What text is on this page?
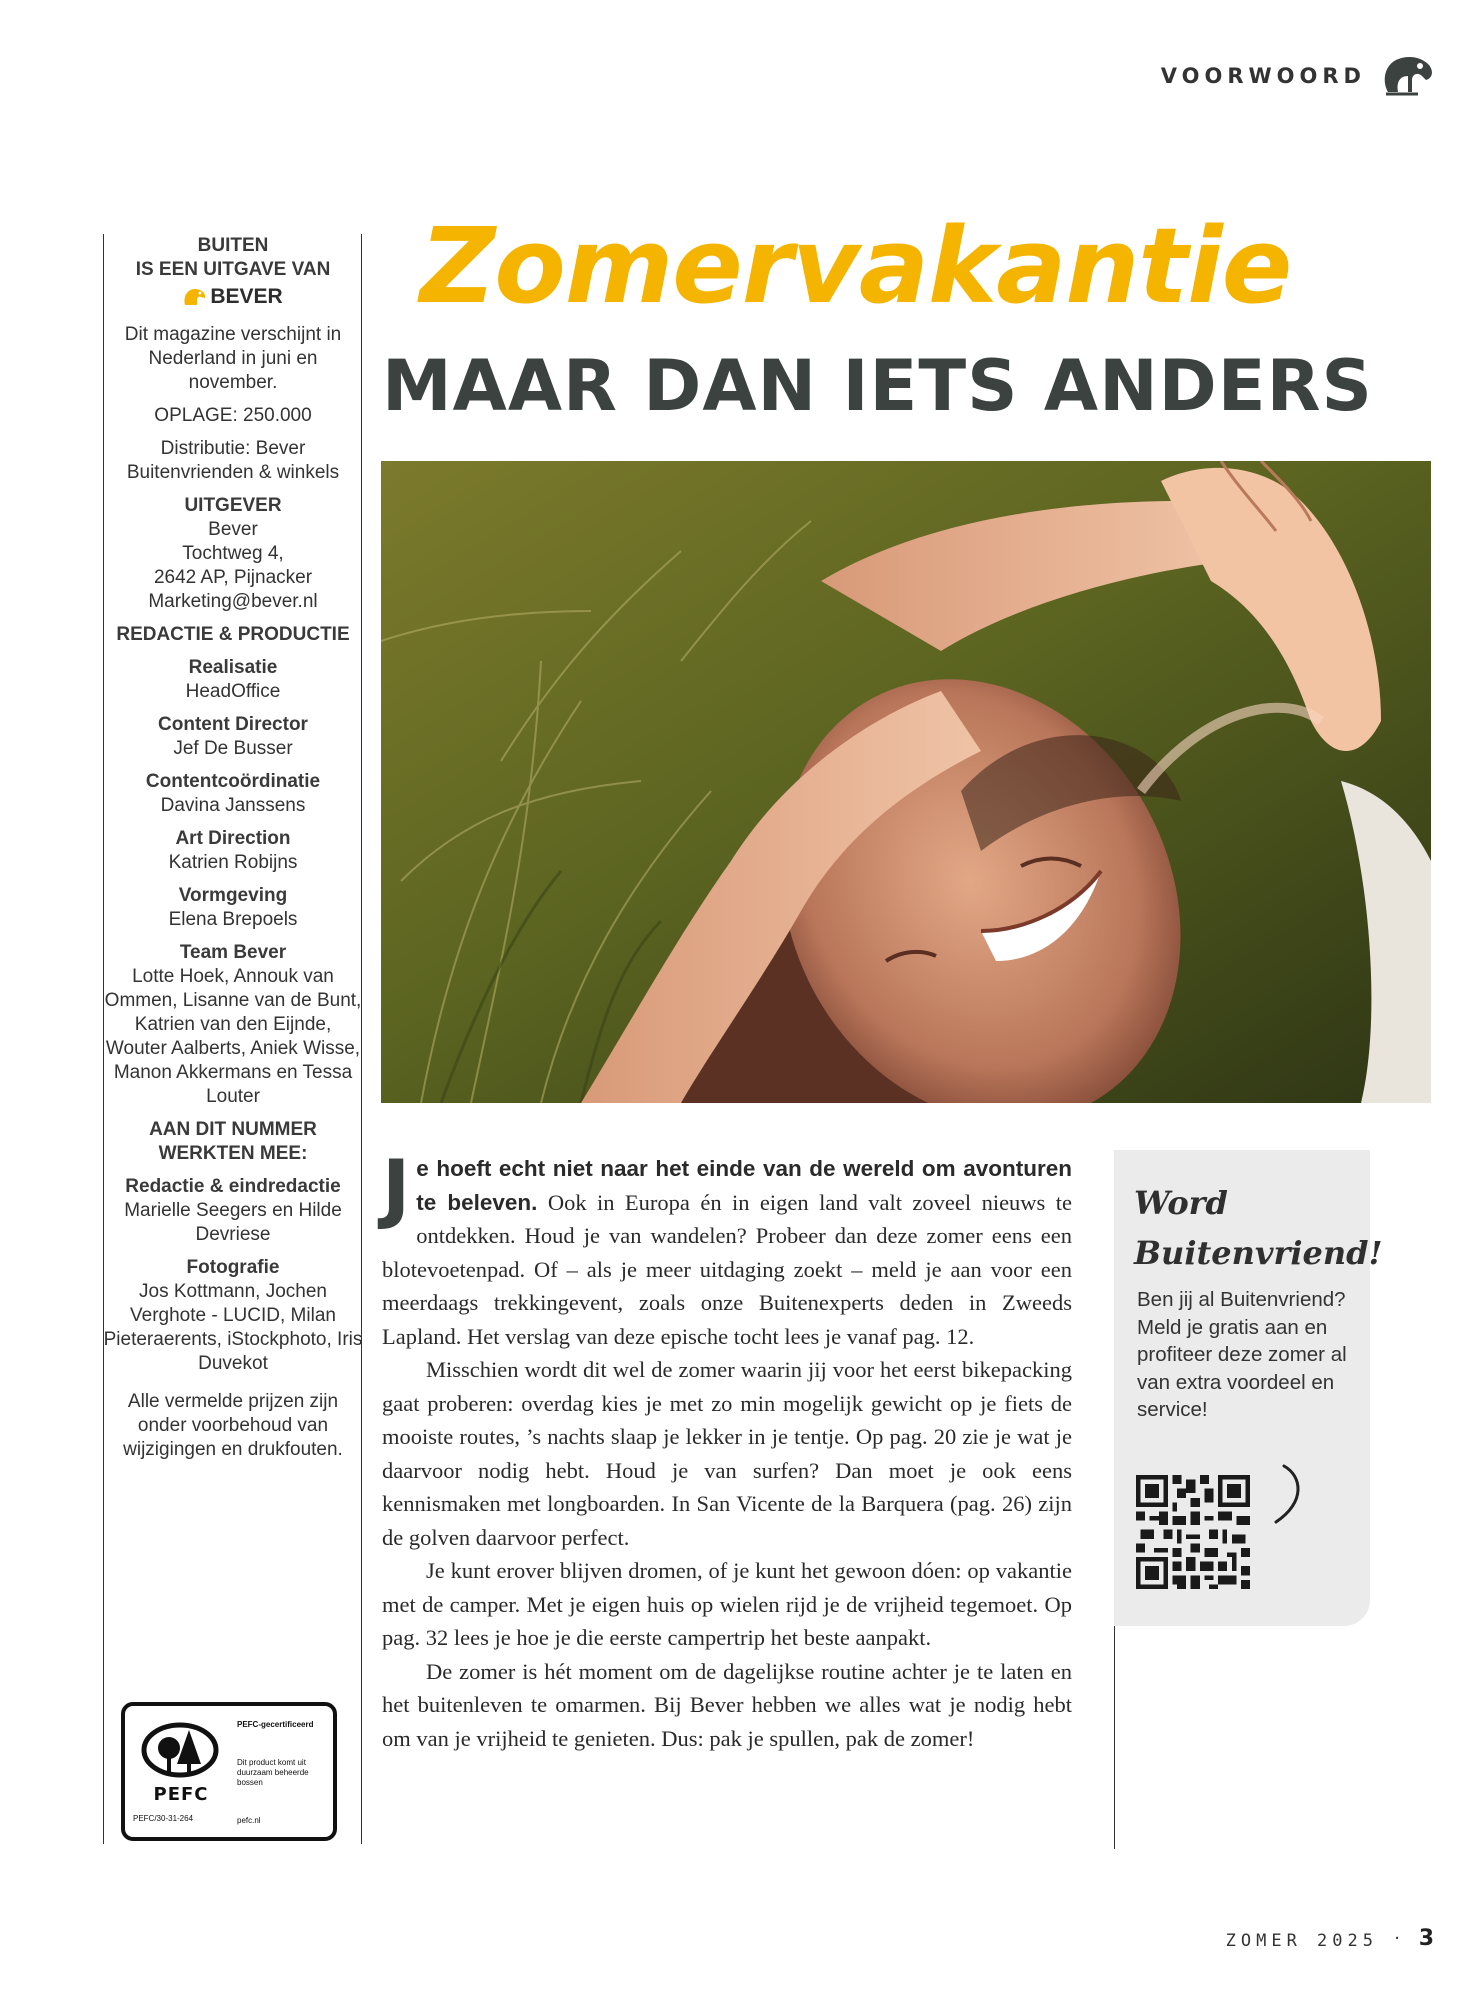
VOORWOORD
BUITEN
IS EEN UITGAVE VAN
BEVER
Dit magazine verschijnt in Nederland in juni en november.
OPLAGE: 250.000
Distributie: Bever Buitenvrienden & winkels
UITGEVER
Bever
Tochtweg 4,
2642 AP, Pijnacker
Marketing@bever.nl
REDACTIE & PRODUCTIE
Realisatie
HeadOffice
Content Director
Jef De Busser
Contentcoördinatie
Davina Janssens
Art Direction
Katrien Robijns
Vormgeving
Elena Brepoels
Team Bever
Lotte Hoek, Annouk van Ommen, Lisanne van de Bunt, Katrien van den Eijnde, Wouter Aalberts, Aniek Wisse, Manon Akkermans en Tessa Louter
AAN DIT NUMMER WERKTEN MEE:
Redactie & eindredactie
Marielle Seegers en Hilde Devriese
Fotografie
Jos Kottmann, Jochen Verghote - LUCID, Milan Pieteraerents, iStockphoto, Iris Duvekot
Alle vermelde prijzen zijn onder voorbehoud van wijzigingen en drukfouten.
PEFC
PEFC/30-31-264
PEFC-gecertificeerd
Dit product komt uit duurzaam beheerde bossen
pefc.nl
Zomervakantie
MAAR DAN IETS ANDERS

Je hoeft echt niet naar het einde van de wereld om avonturen te beleven. Ook in Europa én in eigen land valt zoveel nieuws te ontdekken. Houd je van wandelen? Probeer dan deze zomer eens een blotevoetenpad. Of – als je meer uitdaging zoekt – meld je aan voor een meerdaags trekkingevent, zoals onze Buitenexperts deden in Zweeds Lapland. Het verslag van deze epische tocht lees je vanaf pag. 12.

Misschien wordt dit wel de zomer waarin jij voor het eerst bikepacking gaat proberen: overdag kies je met zo min mogelijk gewicht op je fiets de mooiste routes, ’s nachts slaap je lekker in je tentje. Op pag. 20 zie je wat je daarvoor nodig hebt. Houd je van surfen? Dan moet je ook eens kennismaken met longboarden. In San Vicente de la Barquera (pag. 26) zijn de golven daarvoor perfect.

Je kunt erover blijven dromen, of je kunt het gewoon dóen: op vakantie met de camper. Met je eigen huis op wielen rijd je de vrijheid tegemoet. Op pag. 32 lees je hoe je die eerste campertrip het beste aanpakt.

De zomer is hét moment om de dagelijkse routine achter je te laten en het buitenleven te omarmen. Bij Bever hebben we alles wat je nodig hebt om van je vrijheid te genieten. Dus: pak je spullen, pak de zomer!

Word
Buitenvriend!
Ben jij al Buitenvriend? Meld je gratis aan en profiteer deze zomer al van extra voordeel en service!
ZOMER 2025 · 3
